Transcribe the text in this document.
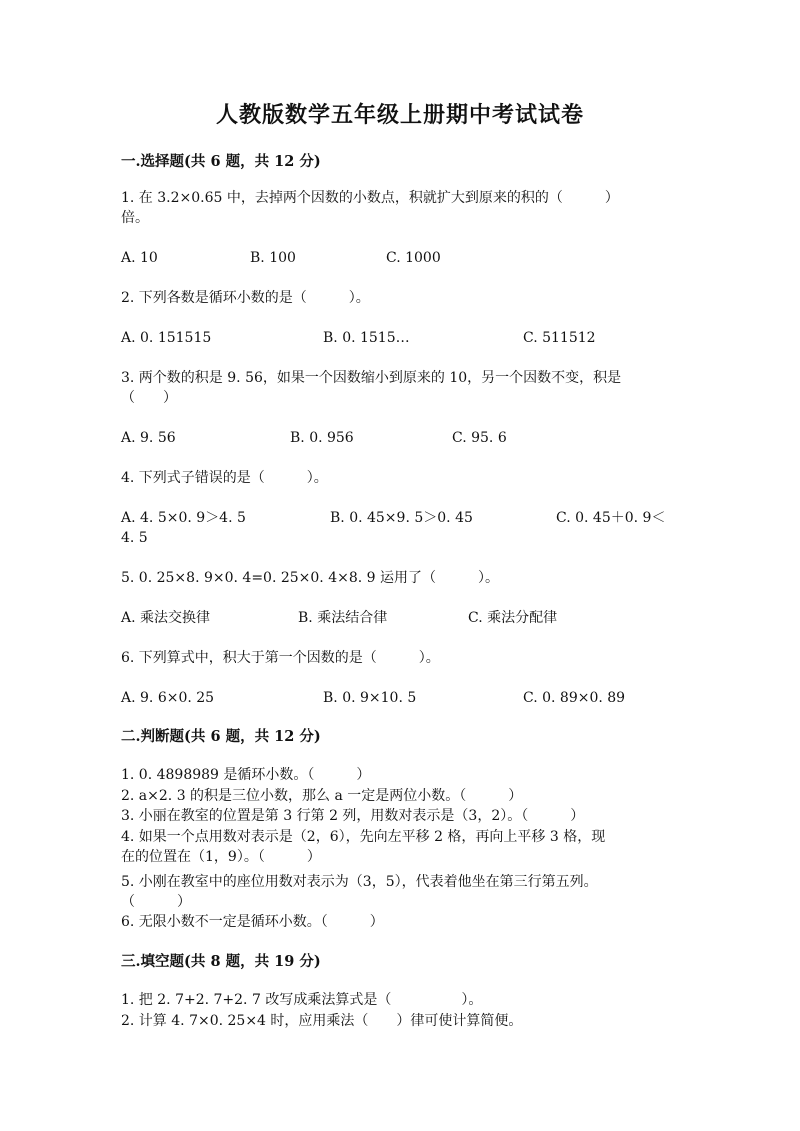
人教版数学五年级上册期中考试试卷
一.选择题(共 6 题，共 12 分)
1. 在 3.2×0.65 中，去掉两个因数的小数点，积就扩大到原来的积的（　　　）
倍。
A. 10	B. 100	C. 1000
2. 下列各数是循环小数的是（　　　）。
A. 0. 151515	B. 0. 1515…	C. 511512
3. 两个数的积是 9. 56，如果一个因数缩小到原来的 10，另一个因数不变，积是
（　　）
A. 9. 56	B. 0. 956	C. 95. 6
4. 下列式子错误的是（　　　）。
A. 4. 5×0. 9＞4. 5	B. 0. 45×9. 5＞0. 45	C. 0. 45＋0. 9＜
4. 5
5. 0. 25×8. 9×0. 4=0. 25×0. 4×8. 9 运用了（　　　）。
A. 乘法交换律	B. 乘法结合律	C. 乘法分配律
6. 下列算式中，积大于第一个因数的是（　　　）。
A. 9. 6×0. 25	B. 0. 9×10. 5	C. 0. 89×0. 89
二.判断题(共 6 题，共 12 分)
1. 0. 4898989 是循环小数。（　　　）
2. a×2. 3 的积是三位小数，那么 a 一定是两位小数。（　　　）
3. 小丽在教室的位置是第 3 行第 2 列，用数对表示是（3，2）。（　　　）
4. 如果一个点用数对表示是（2，6），先向左平移 2 格，再向上平移 3 格，现
在的位置在（1，9）。（　　　）
5. 小刚在教室中的座位用数对表示为（3，5），代表着他坐在第三行第五列。
（　　　）
6. 无限小数不一定是循环小数。（　　　）
三.填空题(共 8 题，共 19 分)
1. 把 2. 7+2. 7+2. 7 改写成乘法算式是（　　　　　）。
2. 计算 4. 7×0. 25×4 时，应用乘法（　　）律可使计算简便。
